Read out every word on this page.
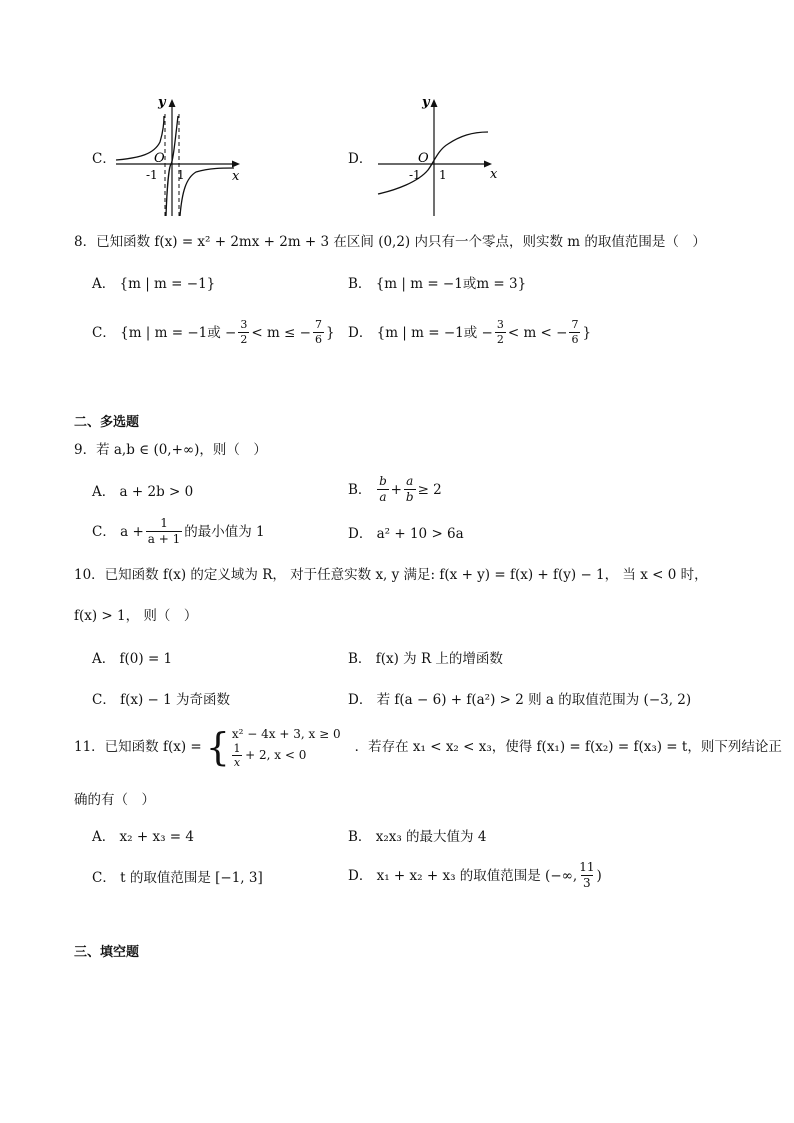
C．
y
x
O
-1 1
D．
y
x
O
-1 1
8．已知函数 f(x) = x² + 2mx + 2m + 3 在区间 (0,2) 内只有一个零点，则实数 m 的取值范围是（　）
A． {m | m = −1}	B． {m | m = −1或m = 3}
C． {m | m = −1或 − $\frac{3}{2} < m$ ≤ − $\frac{7}{6}$ } D． {m | m = −1或 − $\frac{3}{2} < m$ < − $\frac{7}{6}$ }
二、多选题
9．若 a,b ∈ (0,+∞)，则（　）
A． a + 2b > 0	B． $\frac{b}{a} + \frac{a}{b} \ge 2$
C． $a + \frac{1}{a + 1}$ 的最小值为 1	D． a² + 10 > 6a
10．已知函数 f(x) 的定义域为 R， 对于任意实数 x, y 满足: f(x + y) = f(x) + f(y) − 1， 当 x < 0 时，
f(x) > 1， 则（　）
A． f(0) = 1	B． f(x) 为 R 上的增函数
C． f(x) − 1 为奇函数	D． 若 f(a − 6) + f(a²) > 2 则 a 的取值范围为 (−3, 2)
11．已知函数 f(x) = { x² − 4x + 3, x ≥ 0
$\frac{1}{x} + 2$, x < 0	．若存在 x₁ < x₂ < x₃，使得 f(x₁) = f(x₂) = f(x₃) = t，则下列结论正
确的有（　）
A． x₂ + x₃ = 4	B． x₂x₃ 的最大值为 4
C． t 的取值范围是 [−1, 3]	D． x₁ + x₂ + x₃ 的取值范围是 (−∞, $\frac{11}{3}$ )
三、填空题
